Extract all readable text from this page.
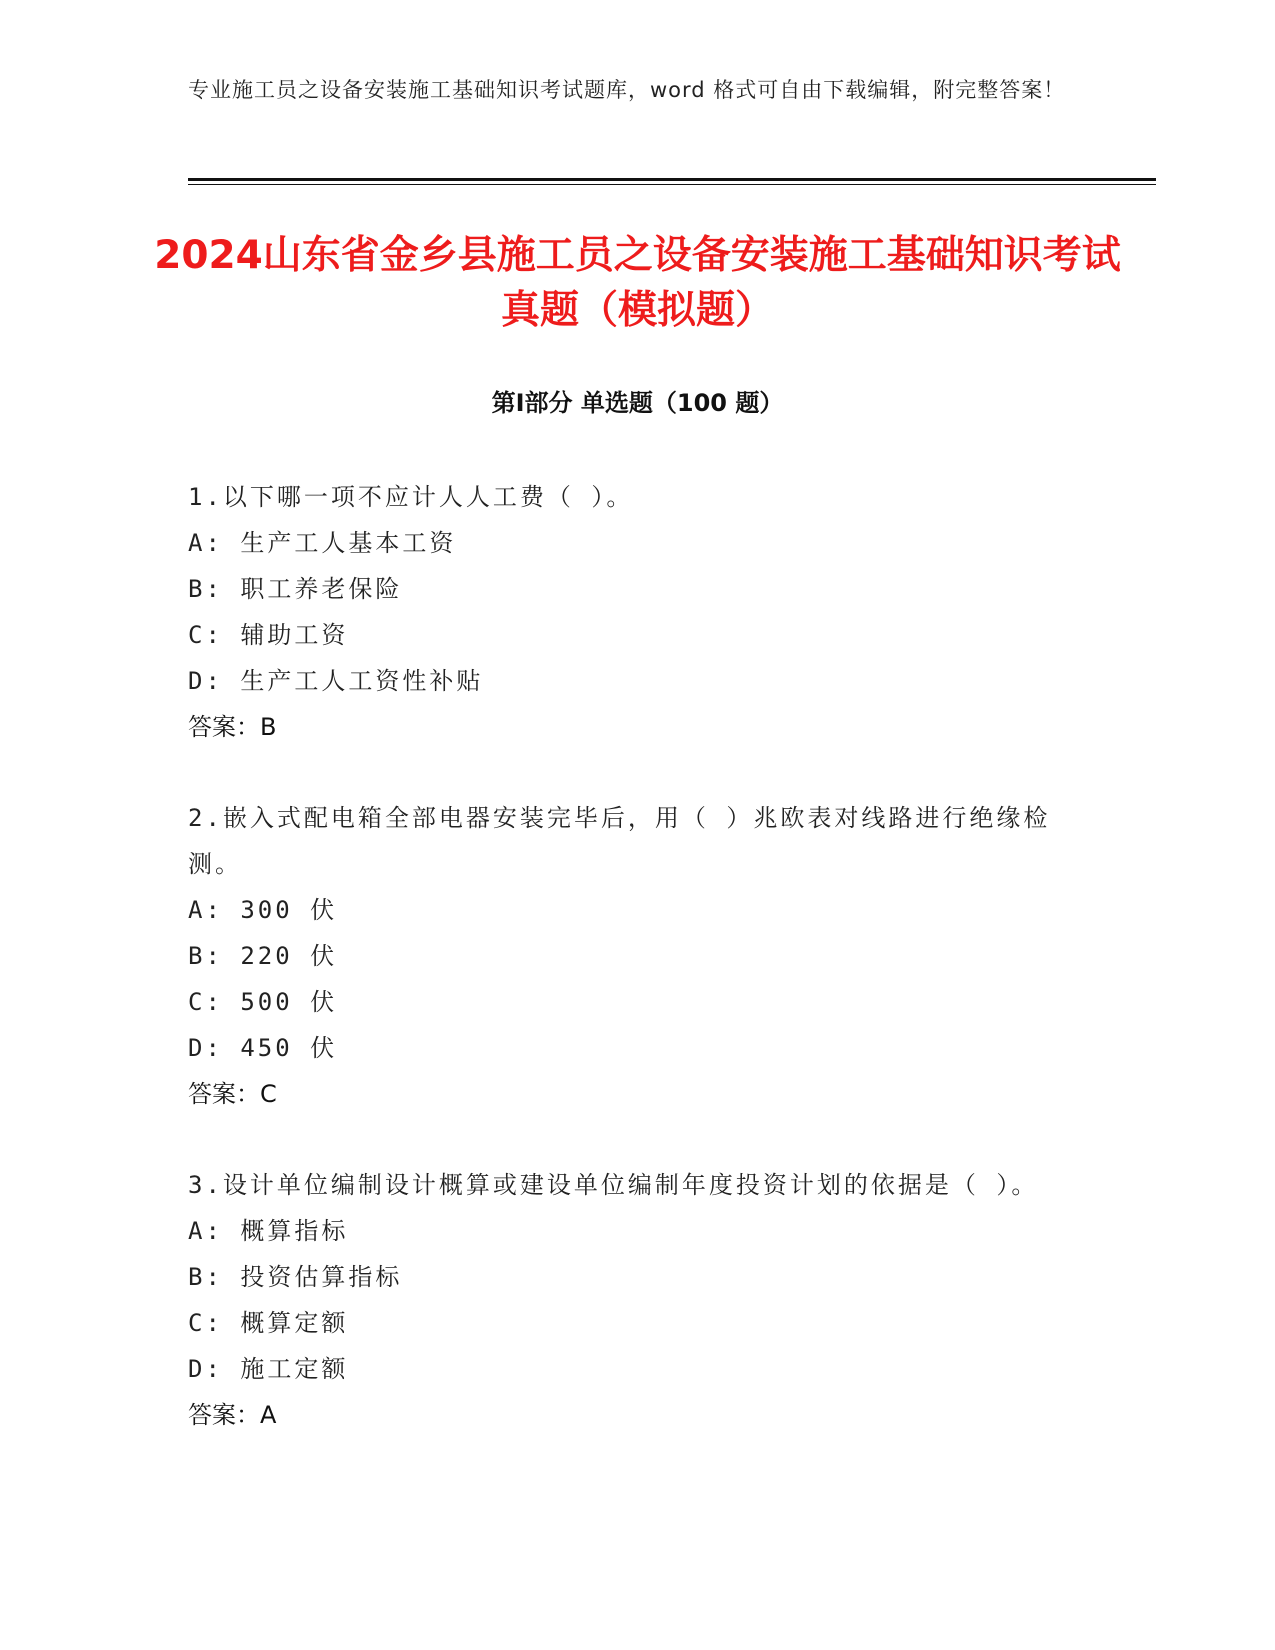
专业施工员之设备安装施工基础知识考试题库，word 格式可自由下载编辑，附完整答案！
2024山东省金乡县施工员之设备安装施工基础知识考试真题（模拟题）
第Ⅰ部分 单选题（100 题）
1.以下哪一项不应计人人工费（ ）。
A: 生产工人基本工资
B: 职工养老保险
C: 辅助工资
D: 生产工人工资性补贴
答案：B
2.嵌入式配电箱全部电器安装完毕后，用（ ）兆欧表对线路进行绝缘检测。
A: 300 伏
B: 220 伏
C: 500 伏
D: 450 伏
答案：C
3.设计单位编制设计概算或建设单位编制年度投资计划的依据是（ ）。
A: 概算指标
B: 投资估算指标
C: 概算定额
D: 施工定额
答案：A
